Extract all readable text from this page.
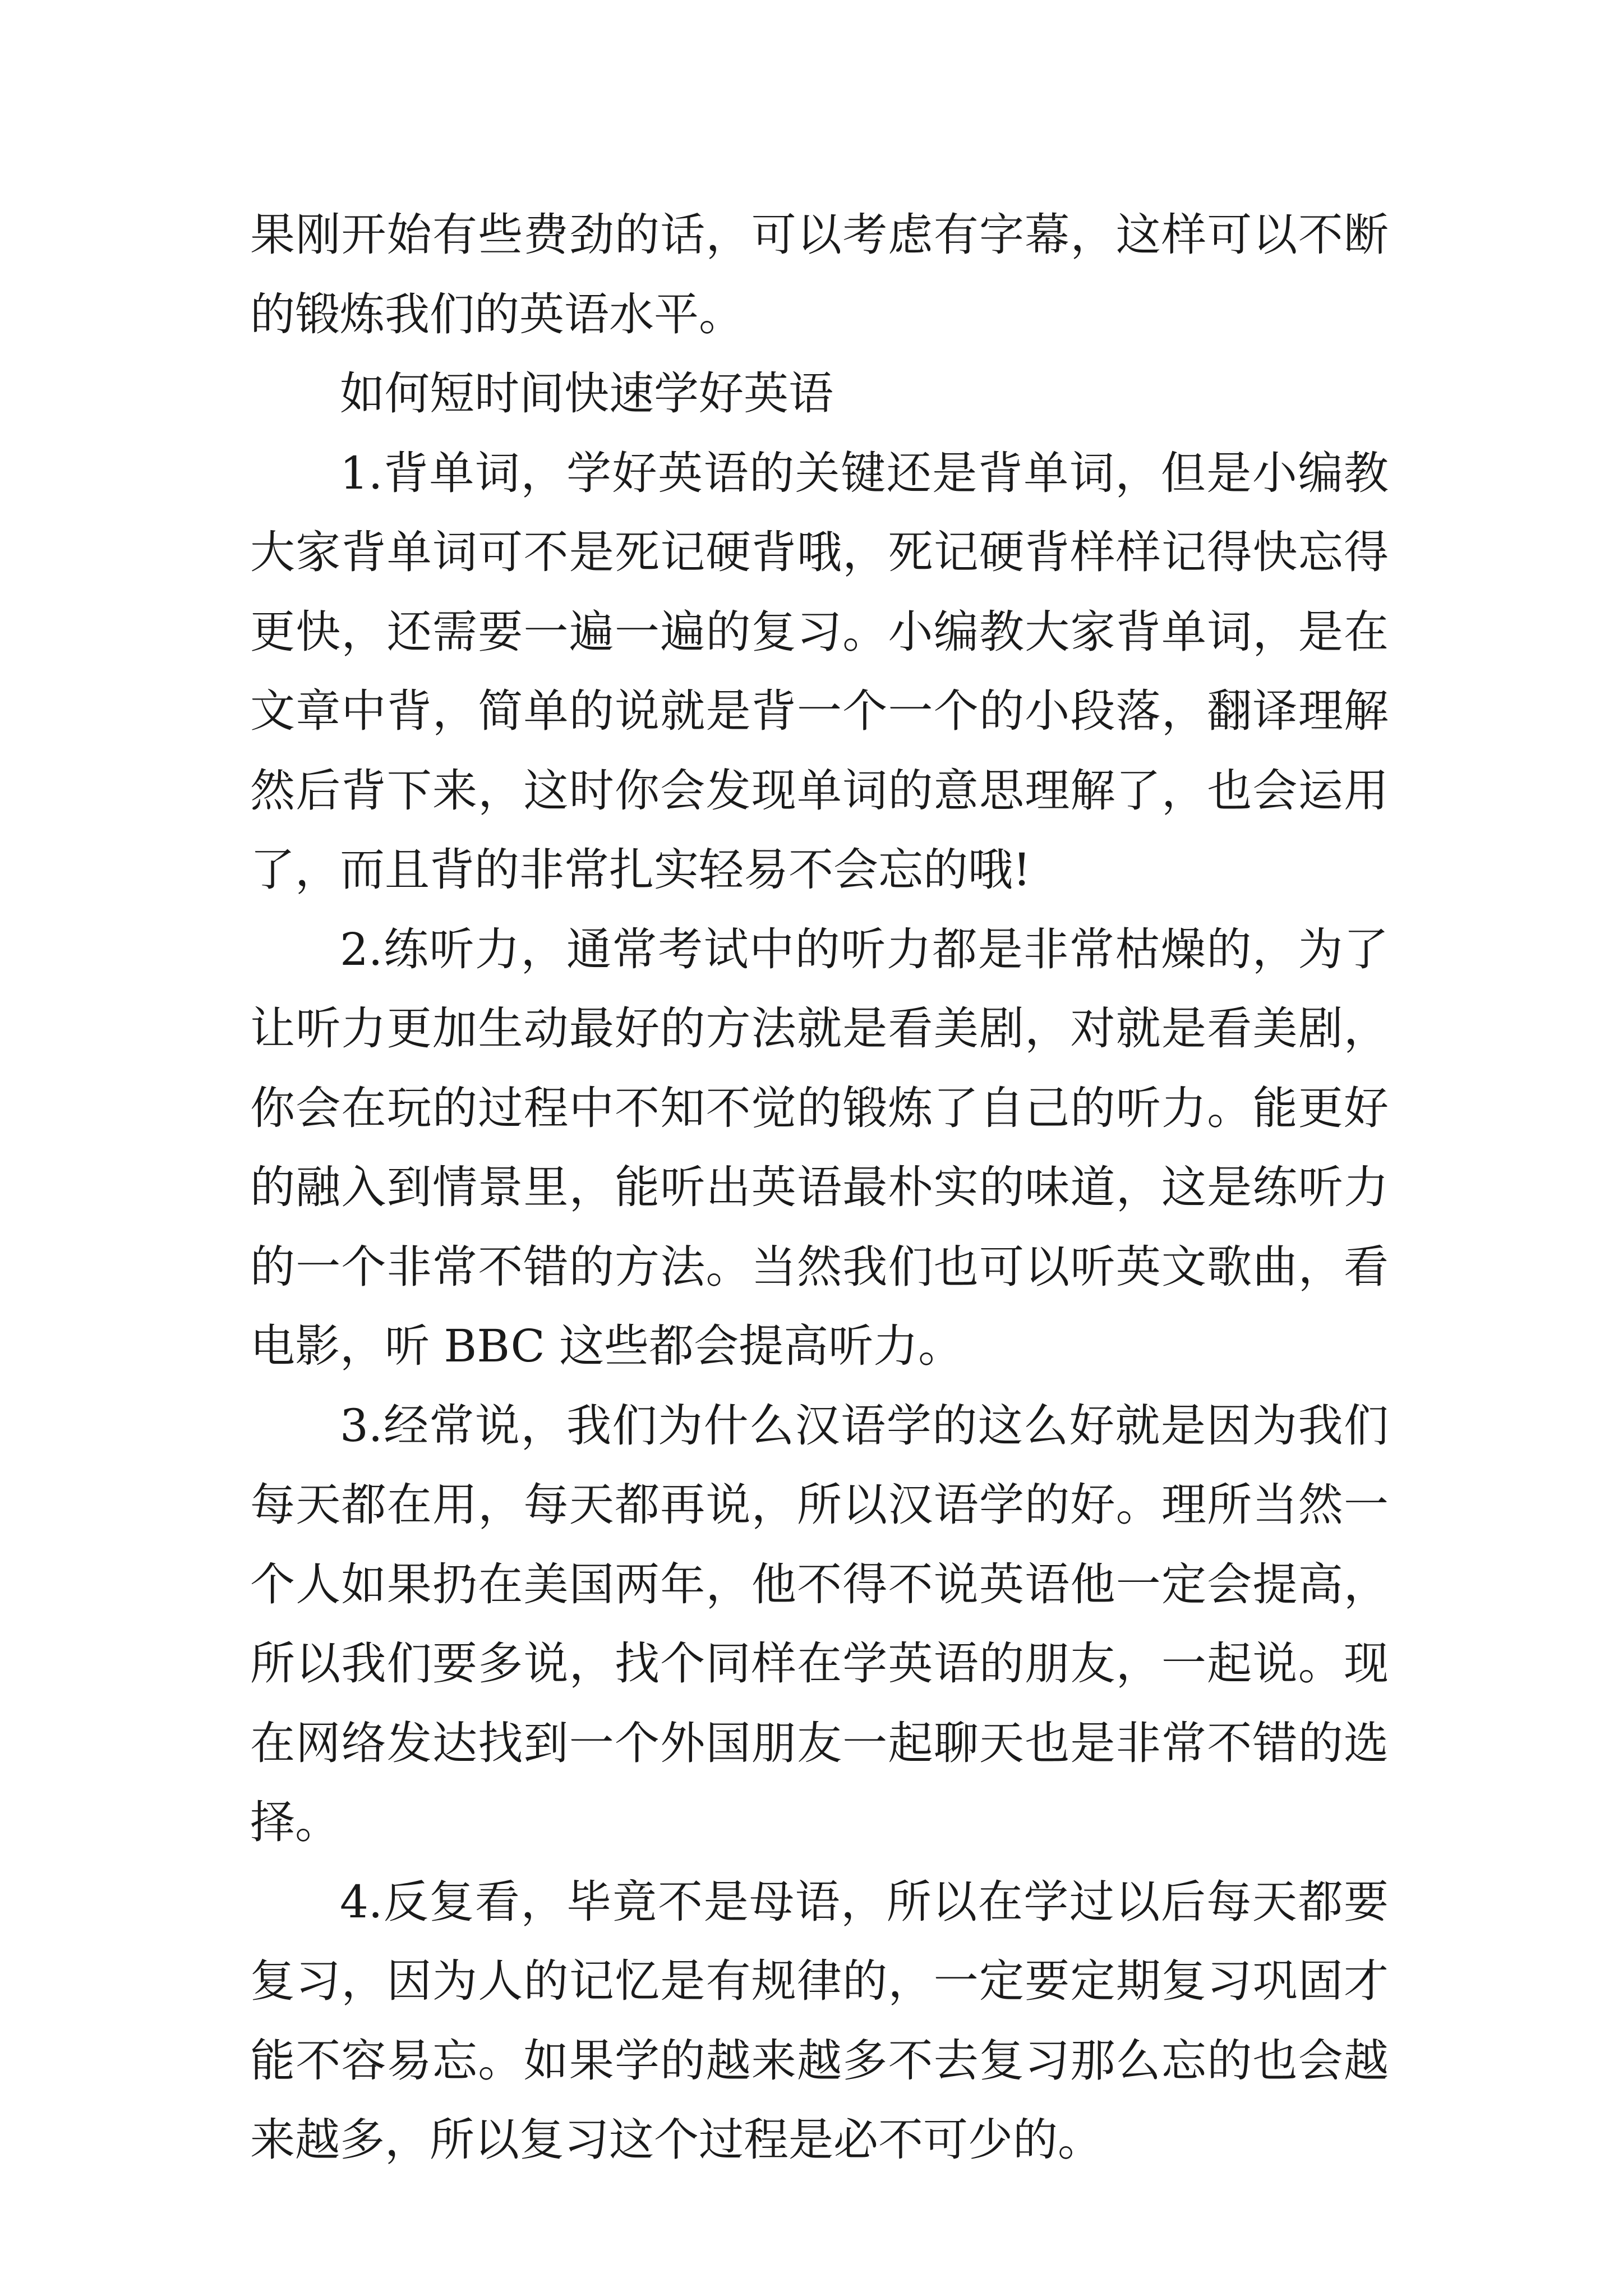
果刚开始有些费劲的话，可以考虑有字幕，这样可以不断的锻炼我们的英语水平。

如何短时间快速学好英语

1.背单词，学好英语的关键还是背单词，但是小编教大家背单词可不是死记硬背哦，死记硬背样样记得快忘得更快，还需要一遍一遍的复习。小编教大家背单词，是在文章中背，简单的说就是背一个一个的小段落，翻译理解然后背下来，这时你会发现单词的意思理解了，也会运用了，而且背的非常扎实轻易不会忘的哦!

2.练听力，通常考试中的听力都是非常枯燥的，为了让听力更加生动最好的方法就是看美剧，对就是看美剧，你会在玩的过程中不知不觉的锻炼了自己的听力。能更好的融入到情景里，能听出英语最朴实的味道，这是练听力的一个非常不错的方法。当然我们也可以听英文歌曲，看电影，听 BBC 这些都会提高听力。

3.经常说，我们为什么汉语学的这么好就是因为我们每天都在用，每天都再说，所以汉语学的好。理所当然一个人如果扔在美国两年，他不得不说英语他一定会提高，所以我们要多说，找个同样在学英语的朋友，一起说。现在网络发达找到一个外国朋友一起聊天也是非常不错的选择。

4.反复看，毕竟不是母语，所以在学过以后每天都要复习，因为人的记忆是有规律的，一定要定期复习巩固才能不容易忘。如果学的越来越多不去复习那么忘的也会越来越多，所以复习这个过程是必不可少的。
